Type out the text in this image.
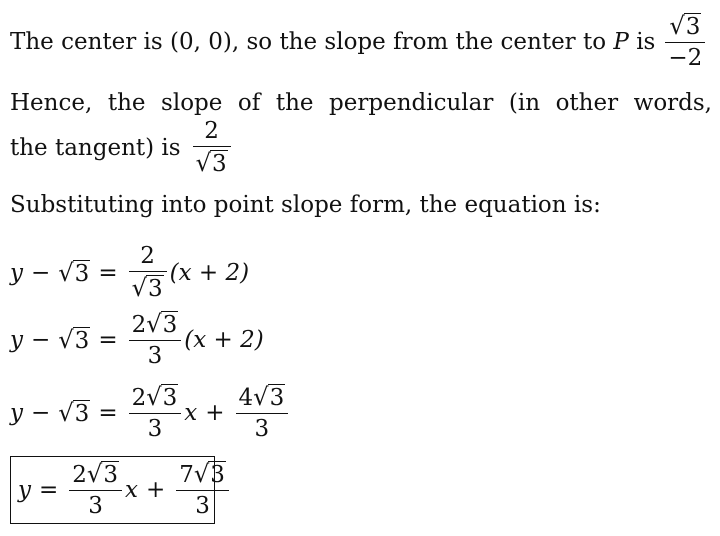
The center is (0, 0) , so the slope from the center to P is $\frac{√3}{-2}$
Hence, the slope of the perpendicular (in other words,
the tangent) is $\frac{2}{√3}$
Substituting into point slope form, the equation is:
$y - √3 = \frac{2}{√3} (x + 2)$
$y - √3 = \frac{2√3}{3} (x + 2)$
$y - √3 = \frac{2√3}{3}$ $x + \frac{4√3}{3}$
$y = \frac{2√3}{3}$ $x + \frac{7√3}{3}$
